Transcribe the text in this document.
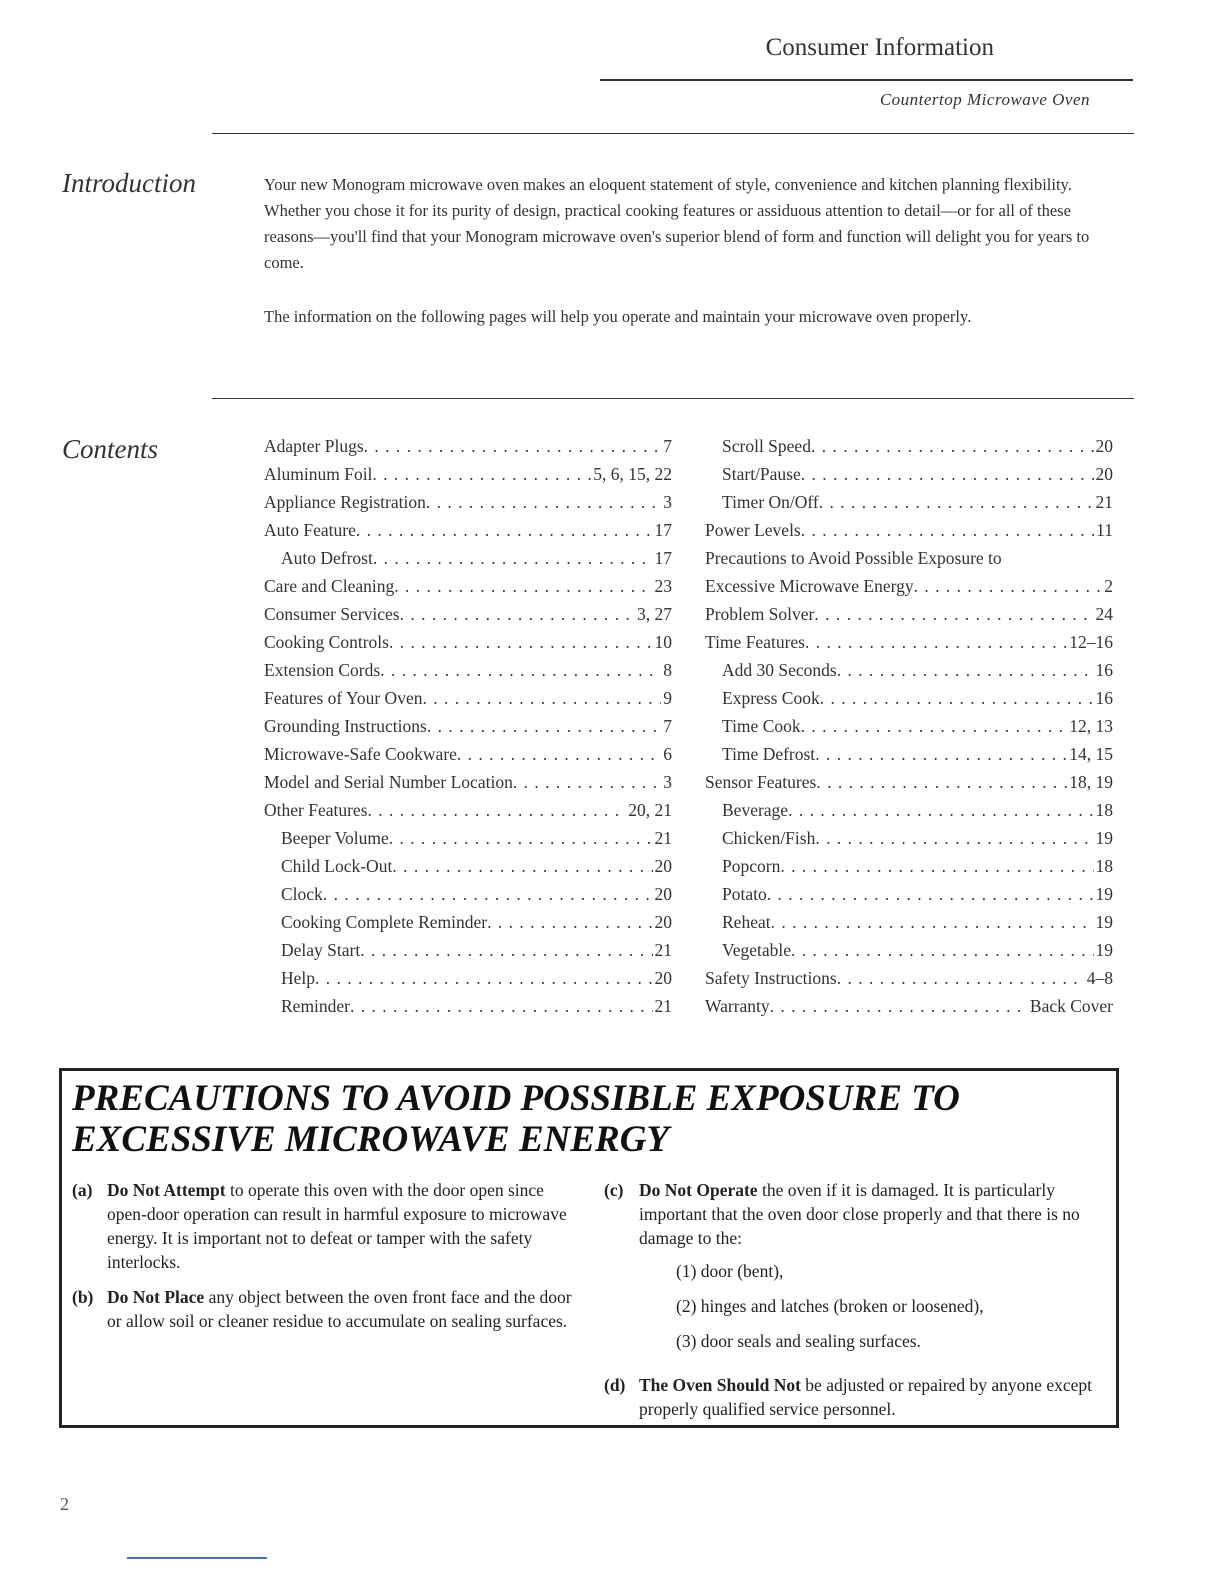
Consumer Information
Countertop Microwave Oven
Introduction	Your new Monogram microwave oven makes an eloquent statement of style, convenience and kitchen planning flexibility. Whether you chose it for its purity of design, practical cooking features or assiduous attention to detail—or for all of these reasons—you'll find that your Monogram microwave oven's superior blend of form and function will delight you for years to come.
The information on the following pages will help you operate and maintain your microwave oven properly.
Contents	Adapter Plugs . . .	7
Aluminum Foil . . .	5, 6, 15, 22
Appliance Registration . . .	3
Auto Feature . . .	17
Auto Defrost . . .	17
Care and Cleaning . . .	23
Consumer Services . . .	3, 27
Cooking Controls . . .	10
Extension Cords . . .	8
Features of Your Oven . . .	9
Grounding Instructions . . .	7
Microwave-Safe Cookware . . .	6
Model and Serial Number Location . . .	3
Other Features . . .	20, 21
Beeper Volume . . .	21
Child Lock-Out . . .	20
Clock . . .	20
Cooking Complete Reminder . . .	20
Delay Start . . .	21
Help . . .	20
Reminder . . .	21
Scroll Speed . . .	20
Start/Pause . . .	20
Timer On/Off . . .	21
Power Levels . . .	11
Precautions to Avoid Possible Exposure to
Excessive Microwave Energy . . .	2
Problem Solver . . .	24
Time Features . . .	12–16
Add 30 Seconds . . .	16
Express Cook . . .	16
Time Cook . . .	12, 13
Time Defrost . . .	14, 15
Sensor Features . . .	18, 19
Beverage . . .	18
Chicken/Fish . . .	19
Popcorn . . .	18
Potato . . .	19
Reheat . . .	19
Vegetable . . .	19
Safety Instructions . . .	4–8
Warranty . . .	Back Cover
PRECAUTIONS TO AVOID POSSIBLE EXPOSURE TO
EXCESSIVE MICROWAVE ENERGY
(a) Do Not Attempt to operate this oven with the door open since open-door operation can result in harmful exposure to microwave energy. It is important not to defeat or tamper with the safety interlocks.
(b) Do Not Place any object between the oven front face and the door or allow soil or cleaner residue to accumulate on sealing surfaces.
(c) Do Not Operate the oven if it is damaged. It is particularly important that the oven door close properly and that there is no damage to the:
(1) door (bent),
(2) hinges and latches (broken or loosened),
(3) door seals and sealing surfaces.
(d) The Oven Should Not be adjusted or repaired by anyone except properly qualified service personnel.
2
